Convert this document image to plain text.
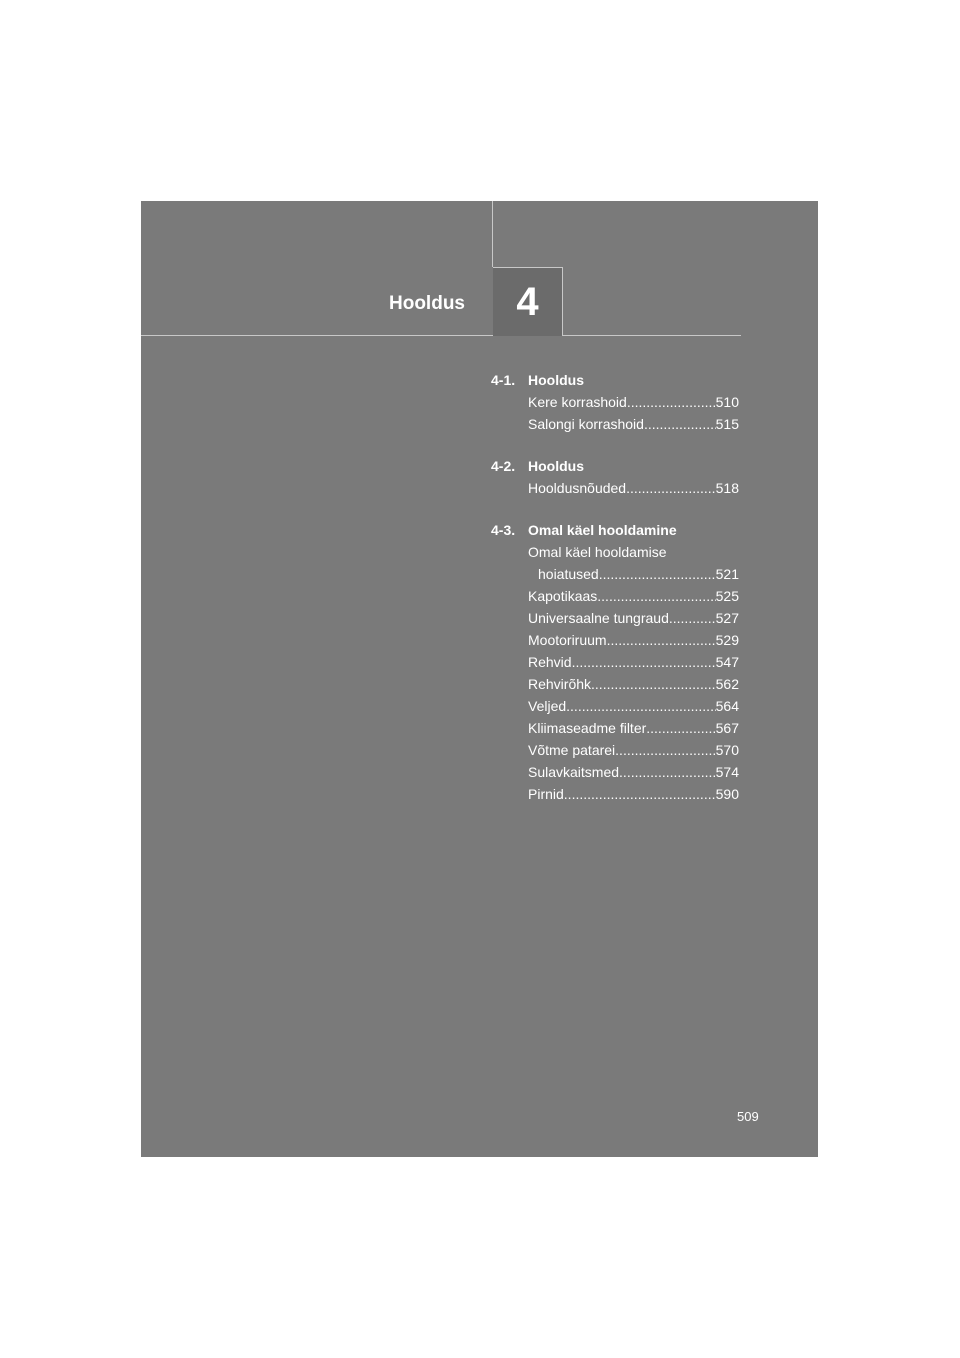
Hooldus	4
4-1. Hooldus
Kere korrashoid .....	510
Salongi korrashoid .....	515
4-2. Hooldus
Hooldusnõuded .....	518
4-3. Omal käel hooldamine
Omal käel hooldamise
hoiatused .....	521
Kapotikaas .....	525
Universaalne tungraud .....	527
Mootoriruum .....	529
Rehvid .....	547
Rehvirõhk .....	562
Veljed .....	564
Kliimaseadme filter .....	567
Võtme patarei .....	570
Sulavkaitsmed .....	574
Pirnid .....	590
509
